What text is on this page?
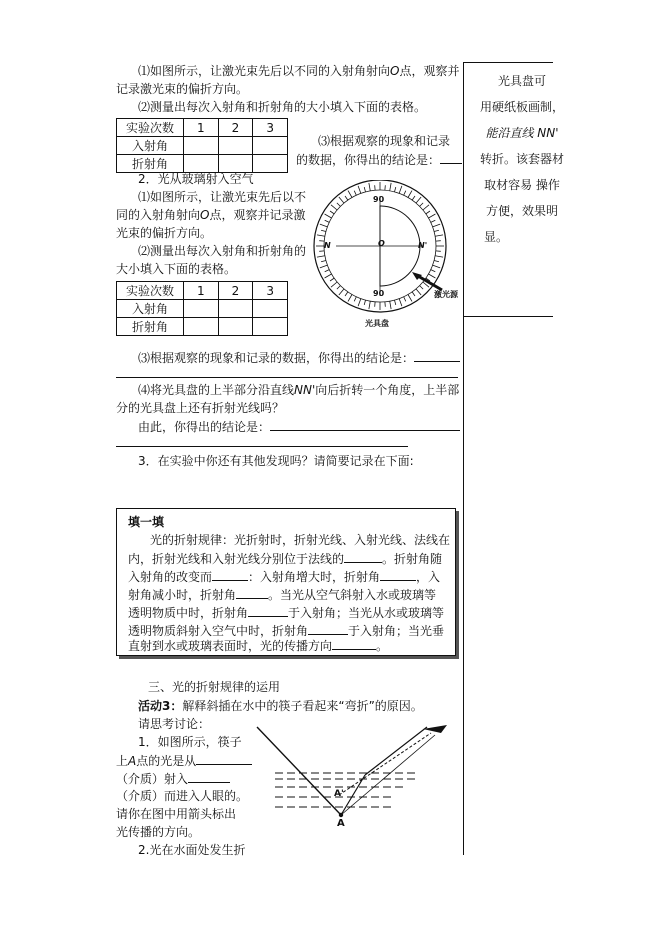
光具盘可
用硬纸板画制，
能沿直线 NN'
转折。该套器材
取材容易 操作
方便，效果明
显。
⑴如图所示，让激光束先后以不同的入射角射向O点，观察并
记录激光束的偏折方向。
⑵测量出每次入射角和折射角的大小填入下面的表格。
实验次数	1	2	3
入射角			
折射角			
⑶根据观察的现象和记录
的数据，你得出的结论是：
2．光从玻璃射入空气
⑴如图所示，让激光束先后以不
同的入射角射向O点，观察并记录激
光束的偏折方向。
⑵测量出每次入射角和折射角的
大小填入下面的表格。
实验次数	1	2	3
入射角			
折射角			
90
90
N	N'
O
激光源
光具盘
⑶根据观察的现象和记录的数据，你得出的结论是：
⑷将光具盘的上半部分沿直线NN'向后折转一个角度，上半部
分的光具盘上还有折射光线吗？
由此，你得出的结论是：
3．在实验中你还有其他发现吗？请简要记录在下面:
填一填
光的折射规律：光折射时，折射光线、入射光线、法线在
内，折射光线和入射光线分别位于法线的	。折射角随
入射角的改变而	：入射角增大时，折射角	，入
射角减小时，折射角	。当光从空气斜射入水或玻璃等
透明物质中时，折射角	于入射角；当光从水或玻璃等
透明物质斜射入空气中时，折射角	于入射角；当光垂
直射到水或玻璃表面时，光的传播方向	。
三、光的折射规律的运用
活动3：解释斜插在水中的筷子看起来“弯折”的原因。
请思考讨论：
1．如图所示，筷子
上A点的光是从
（介质）射入
（介质）而进入人眼的。
请你在图中用箭头标出
光传播的方向。
2.光在水面处发生折
A
A'
